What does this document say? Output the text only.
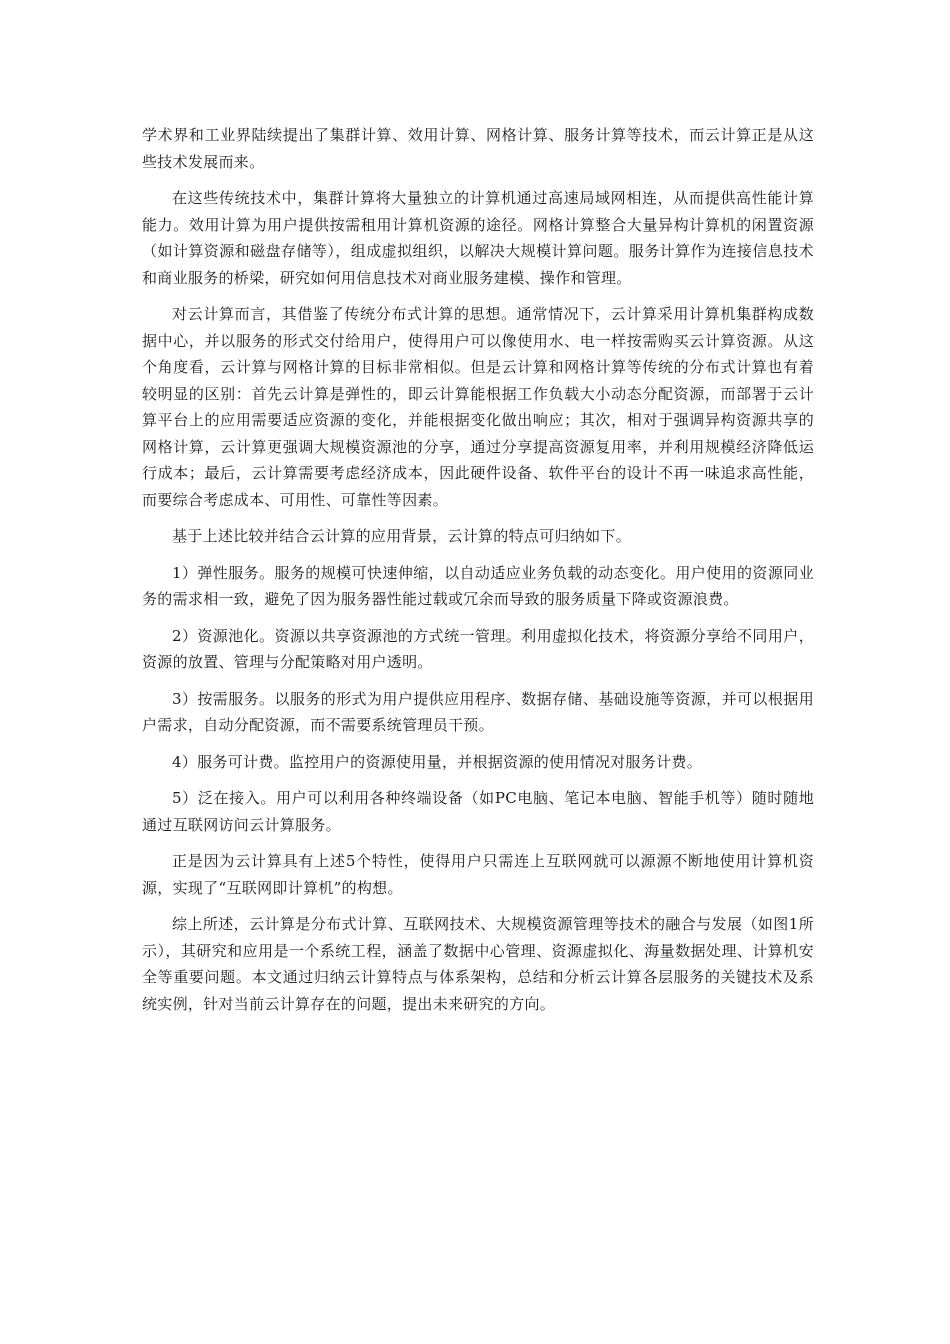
学术界和工业界陆续提出了集群计算、效用计算、网格计算、服务计算等技术，而云计算正是从这些技术发展而来。

在这些传统技术中，集群计算将大量独立的计算机通过高速局域网相连，从而提供高性能计算能力。效用计算为用户提供按需租用计算机资源的途径。网格计算整合大量异构计算机的闲置资源（如计算资源和磁盘存储等），组成虚拟组织，以解决大规模计算问题。服务计算作为连接信息技术和商业服务的桥梁，研究如何用信息技术对商业服务建模、操作和管理。

对云计算而言，其借鉴了传统分布式计算的思想。通常情况下，云计算采用计算机集群构成数据中心，并以服务的形式交付给用户，使得用户可以像使用水、电一样按需购买云计算资源。从这个角度看，云计算与网格计算的目标非常相似。但是云计算和网格计算等传统的分布式计算也有着较明显的区别：首先云计算是弹性的，即云计算能根据工作负载大小动态分配资源，而部署于云计算平台上的应用需要适应资源的变化，并能根据变化做出响应；其次，相对于强调异构资源共享的网格计算，云计算更强调大规模资源池的分享，通过分享提高资源复用率，并利用规模经济降低运行成本；最后，云计算需要考虑经济成本，因此硬件设备、软件平台的设计不再一味追求高性能，而要综合考虑成本、可用性、可靠性等因素。

基于上述比较并结合云计算的应用背景，云计算的特点可归纳如下。

1）弹性服务。服务的规模可快速伸缩，以自动适应业务负载的动态变化。用户使用的资源同业务的需求相一致，避免了因为服务器性能过载或冗余而导致的服务质量下降或资源浪费。

2）资源池化。资源以共享资源池的方式统一管理。利用虚拟化技术，将资源分享给不同用户，资源的放置、管理与分配策略对用户透明。

3）按需服务。以服务的形式为用户提供应用程序、数据存储、基础设施等资源，并可以根据用户需求，自动分配资源，而不需要系统管理员干预。

4）服务可计费。监控用户的资源使用量，并根据资源的使用情况对服务计费。

5）泛在接入。用户可以利用各种终端设备（如PC电脑、笔记本电脑、智能手机等）随时随地通过互联网访问云计算服务。

正是因为云计算具有上述5个特性，使得用户只需连上互联网就可以源源不断地使用计算机资源，实现了“互联网即计算机”的构想。

综上所述，云计算是分布式计算、互联网技术、大规模资源管理等技术的融合与发展（如图1所示），其研究和应用是一个系统工程，涵盖了数据中心管理、资源虚拟化、海量数据处理、计算机安全等重要问题。本文通过归纳云计算特点与体系架构，总结和分析云计算各层服务的关键技术及系统实例，针对当前云计算存在的问题，提出未来研究的方向。
